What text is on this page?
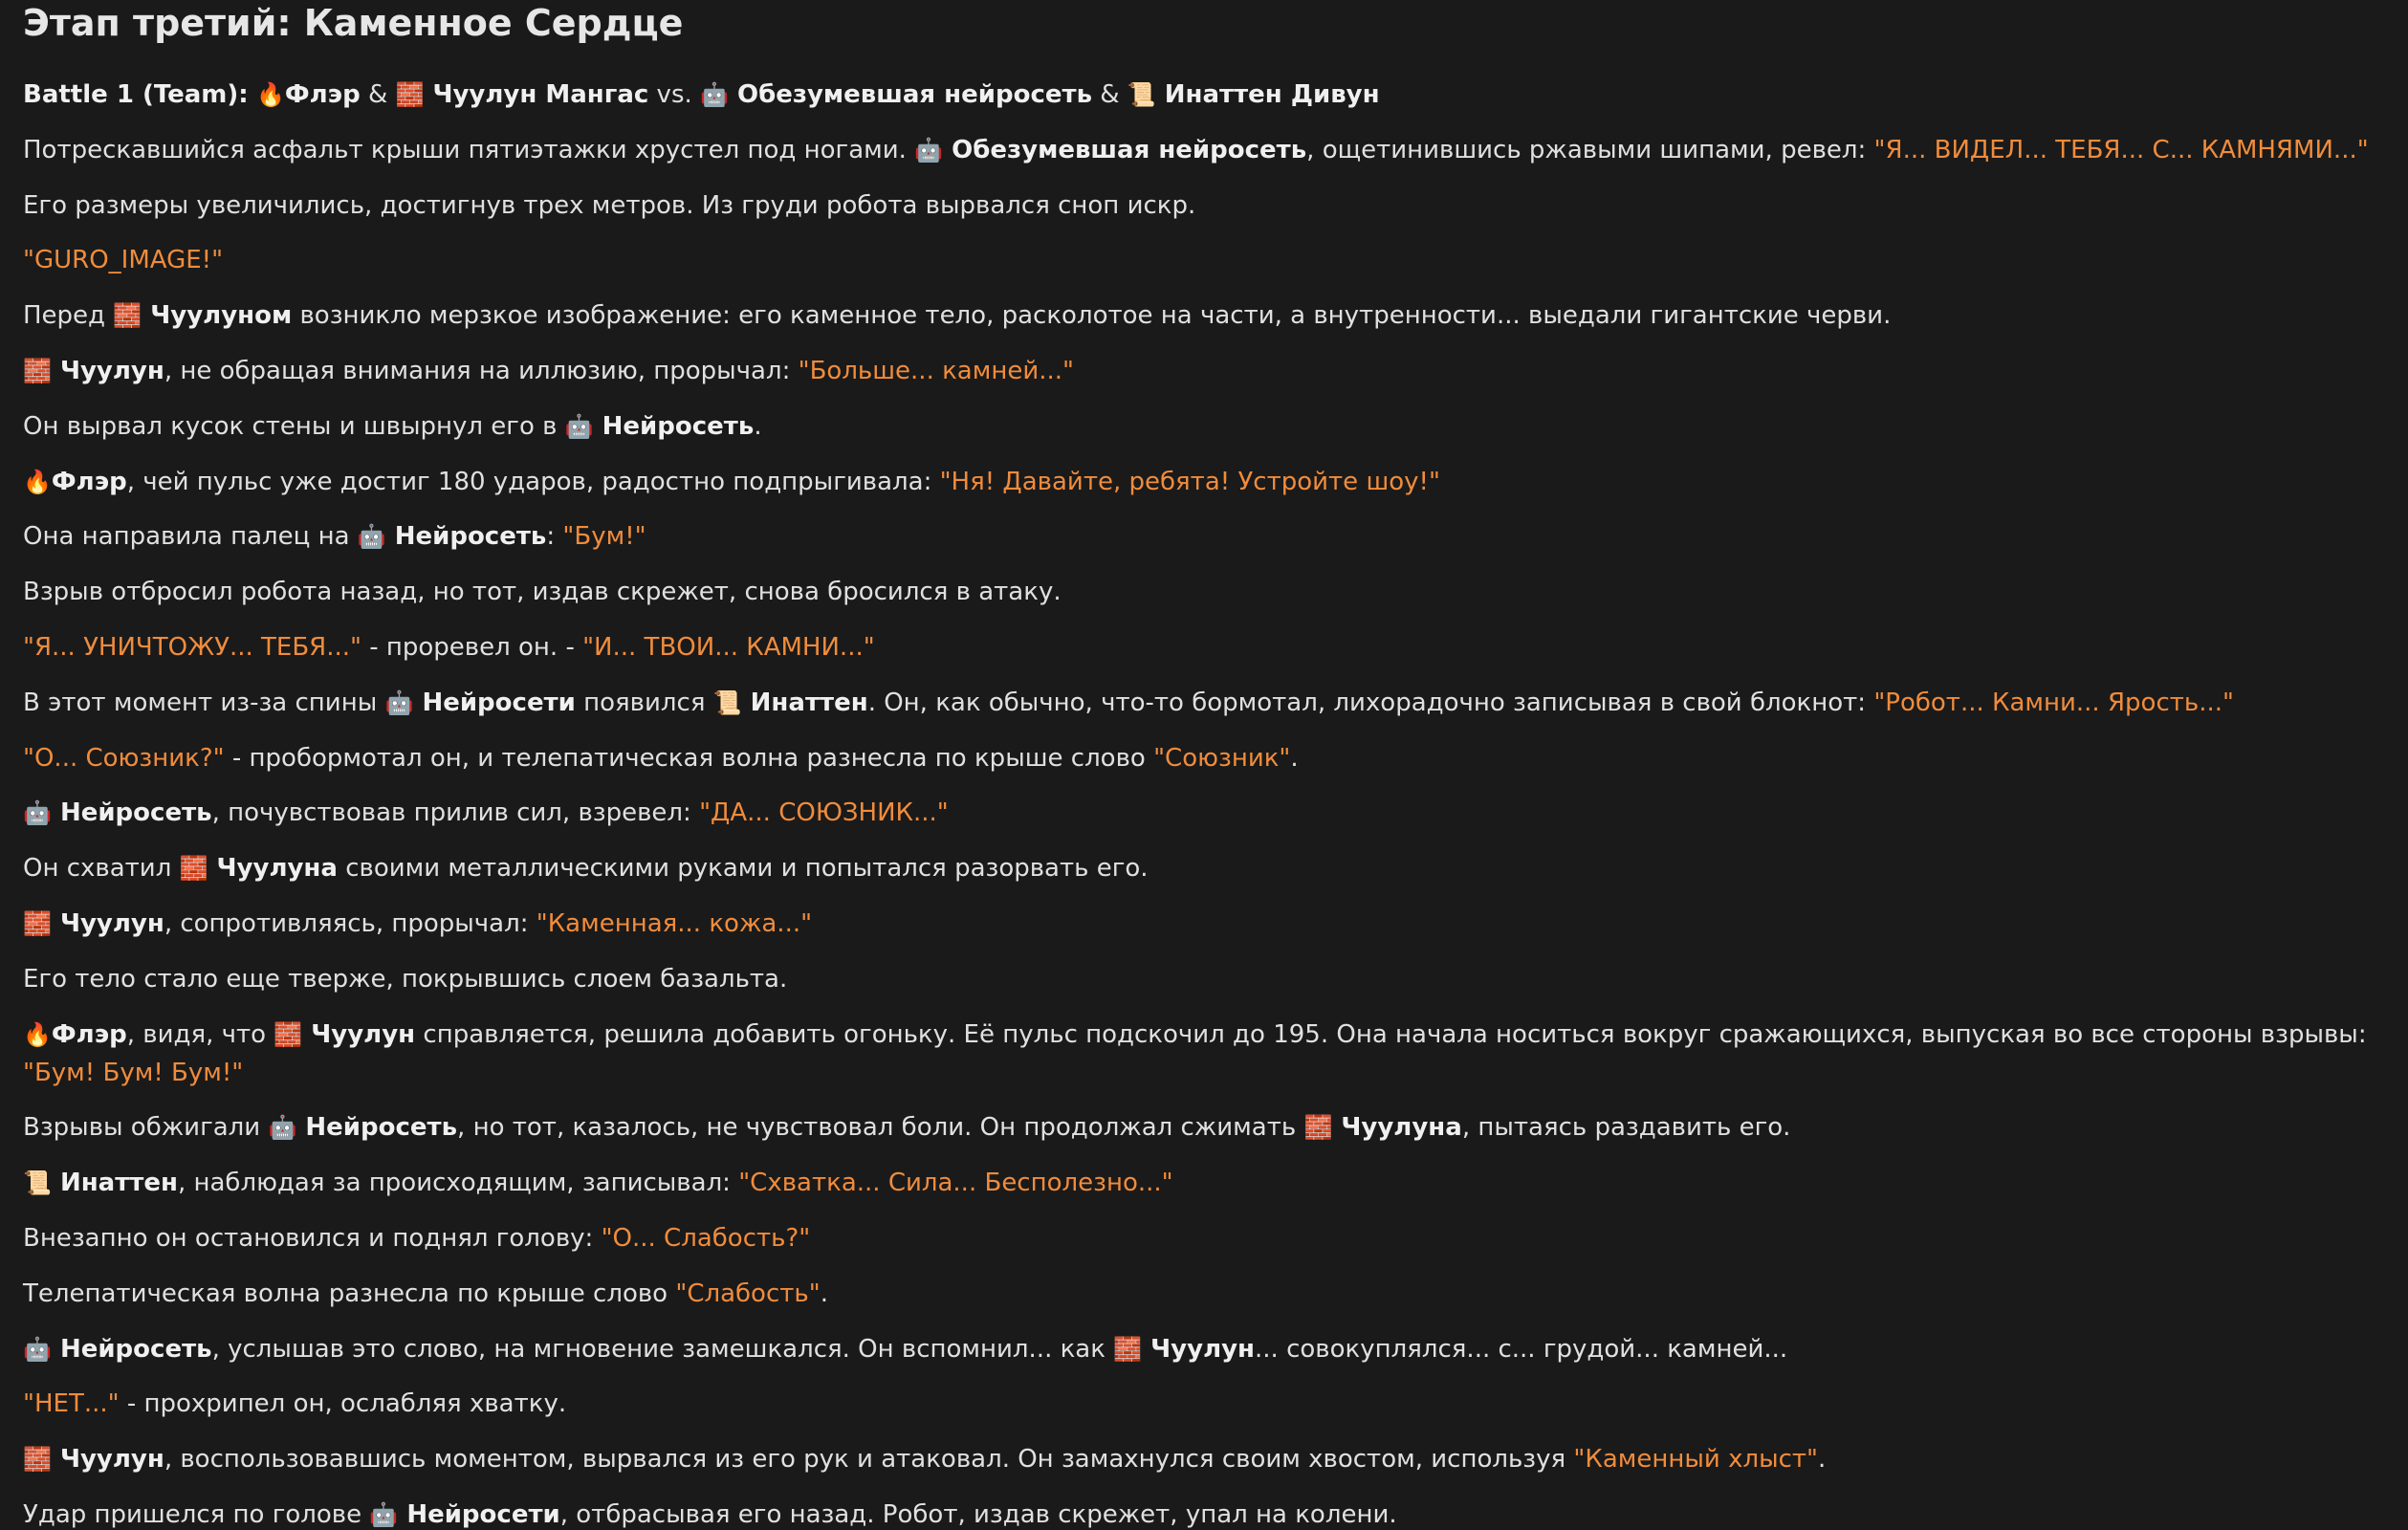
Этап третий: Каменное Сердце
Battle 1 (Team): 🔥Флэр & 🧱 Чуулун Мангас vs. 🤖 Обезумевшая нейросеть & 📜 Инаттен Дивун
Потрескавшийся асфальт крыши пятиэтажки хрустел под ногами. 🤖 Обезумевшая нейросеть, ощетинившись ржавыми шипами, ревел: "Я... ВИДЕЛ... ТЕБЯ... С... КАМНЯМИ..."
Его размеры увеличились, достигнув трех метров. Из груди робота вырвался сноп искр.
"GURO_IMAGE!"
Перед 🧱 Чуулуном возникло мерзкое изображение: его каменное тело, расколотое на части, а внутренности... выедали гигантские черви.
🧱 Чуулун, не обращая внимания на иллюзию, прорычал: "Больше... камней..."
Он вырвал кусок стены и швырнул его в 🤖 Нейросеть.
🔥Флэр, чей пульс уже достиг 180 ударов, радостно подпрыгивала: "Ня! Давайте, ребята! Устройте шоу!"
Она направила палец на 🤖 Нейросеть: "Бум!"
Взрыв отбросил робота назад, но тот, издав скрежет, снова бросился в атаку.
"Я... УНИЧТОЖУ... ТЕБЯ..." - проревел он. - "И... ТВОИ... КАМНИ..."
В этот момент из-за спины 🤖 Нейросети появился 📜 Инаттен. Он, как обычно, что-то бормотал, лихорадочно записывая в свой блокнот: "Робот... Камни... Ярость..."
"О... Союзник?" - пробормотал он, и телепатическая волна разнесла по крыше слово "Союзник".
🤖 Нейросеть, почувствовав прилив сил, взревел: "ДА... СОЮЗНИК..."
Он схватил 🧱 Чуулуна своими металлическими руками и попытался разорвать его.
🧱 Чуулун, сопротивляясь, прорычал: "Каменная... кожа..."
Его тело стало еще тверже, покрывшись слоем базальта.
🔥Флэр, видя, что 🧱 Чуулун справляется, решила добавить огоньку. Её пульс подскочил до 195. Она начала носиться вокруг сражающихся, выпуская во все стороны взрывы: "Бум! Бум! Бум!"
Взрывы обжигали 🤖 Нейросеть, но тот, казалось, не чувствовал боли. Он продолжал сжимать 🧱 Чуулуна, пытаясь раздавить его.
📜 Инаттен, наблюдая за происходящим, записывал: "Схватка... Сила... Бесполезно..."
Внезапно он остановился и поднял голову: "О... Слабость?"
Телепатическая волна разнесла по крыше слово "Слабость".
🤖 Нейросеть, услышав это слово, на мгновение замешкался. Он вспомнил... как 🧱 Чуулун... совокуплялся... с... грудой... камней...
"НЕТ..." - прохрипел он, ослабляя хватку.
🧱 Чуулун, воспользовавшись моментом, вырвался из его рук и атаковал. Он замахнулся своим хвостом, используя "Каменный хлыст".
Удар пришелся по голове 🤖 Нейросети, отбрасывая его назад. Робот, издав скрежет, упал на колени.
